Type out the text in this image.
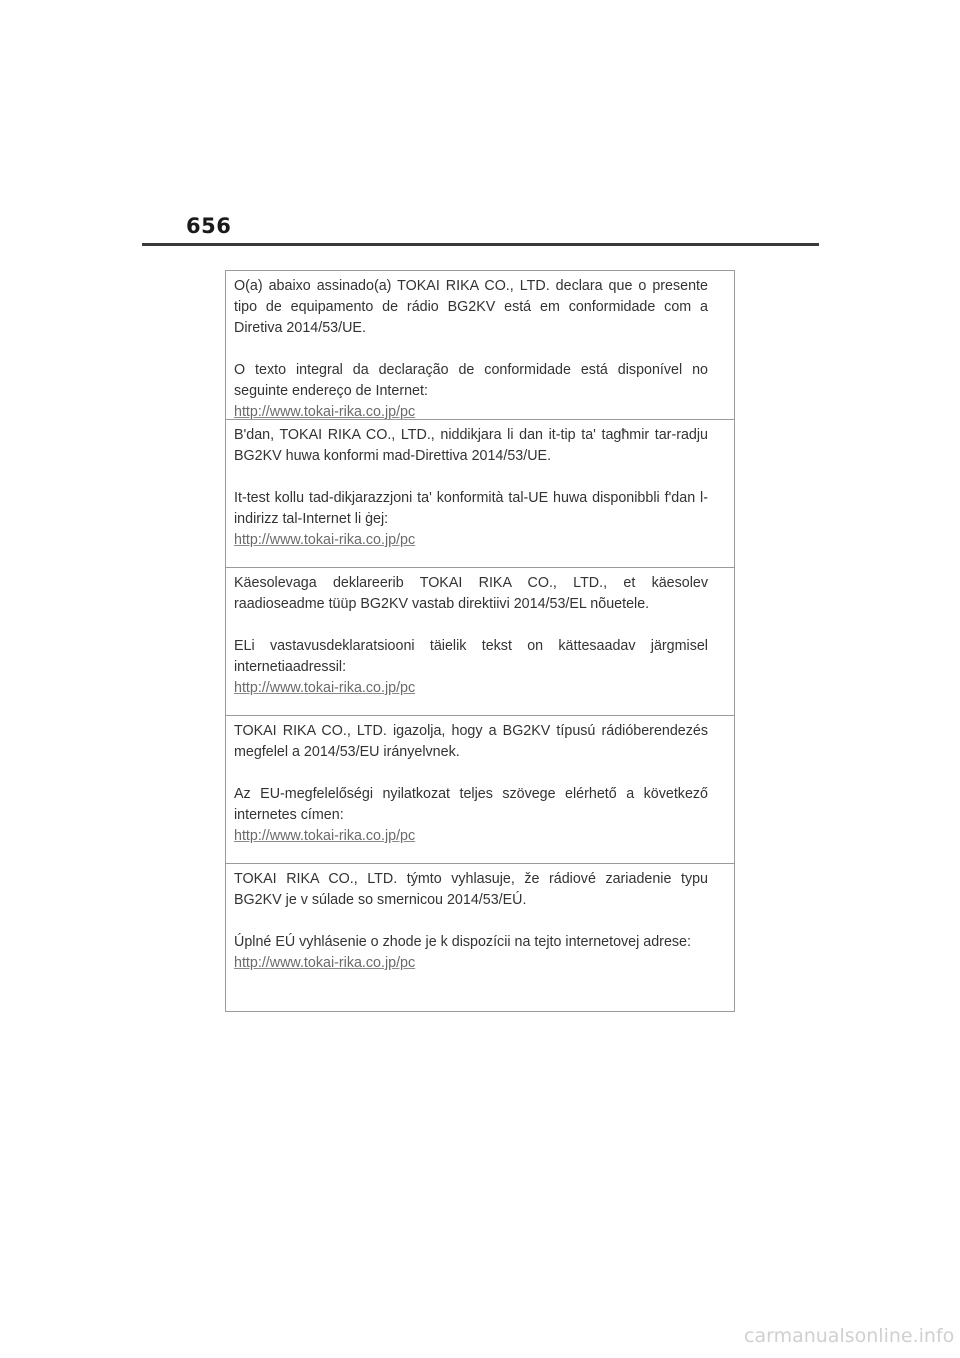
656

O(a) abaixo assinado(a) TOKAI RIKA CO., LTD. declara que o presente tipo de equipamento de rádio BG2KV está em conformidade com a Diretiva 2014/53/UE.

O texto integral da declaração de conformidade está disponível no seguinte endereço de Internet:

http://www.tokai-rika.co.jp/pc

B'dan, TOKAI RIKA CO., LTD., niddikjara li dan it-tip ta' tagħmir tar-radju BG2KV huwa konformi mad-Direttiva 2014/53/UE.

It-test kollu tad-dikjarazzjoni ta' konformità tal-UE huwa disponibbli f'dan l-indirizz tal-Internet li ġej:

http://www.tokai-rika.co.jp/pc

Käesolevaga deklareerib TOKAI RIKA CO., LTD., et käesolev raadioseadme tüüp BG2KV vastab direktiivi 2014/53/EL nõuetele.

ELi vastavusdeklaratsiooni täielik tekst on kättesaadav järgmisel internetiaadressil:

http://www.tokai-rika.co.jp/pc

TOKAI RIKA CO., LTD. igazolja, hogy a BG2KV típusú rádióberendezés megfelel a 2014/53/EU irányelvnek.

Az EU-megfelelőségi nyilatkozat teljes szövege elérhető a következő internetes címen:

http://www.tokai-rika.co.jp/pc

TOKAI RIKA CO., LTD. týmto vyhlasuje, že rádiové zariadenie typu BG2KV je v súlade so smernicou 2014/53/EÚ.

Úplné EÚ vyhlásenie o zhode je k dispozícii na tejto internetovej adrese:

http://www.tokai-rika.co.jp/pc
carmanualsonline.info
